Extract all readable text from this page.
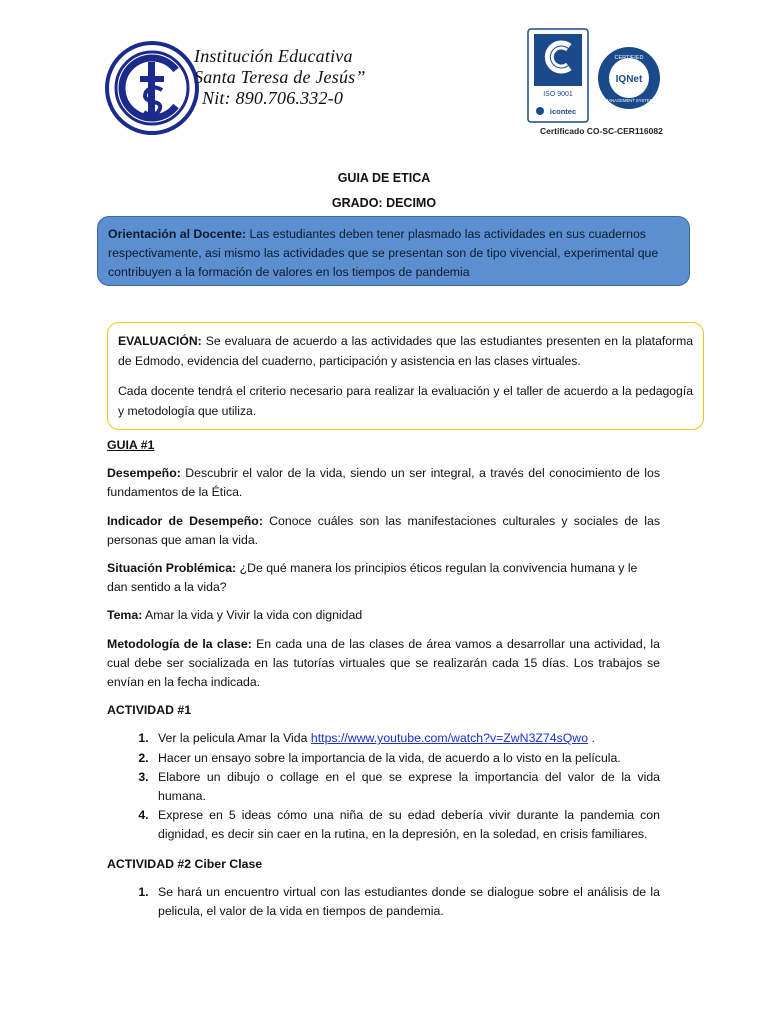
Institución Educativa
Santa Teresa de Jesús”
Nit: 890.706.332-0	ISO 9001
icontec
CERTIFIED
IQNet
MANAGEMENT SYSTEM
Certificado CO-SC-CER116082
GUIA DE ETICA
GRADO: DECIMO
Orientación al Docente: Las estudiantes deben tener plasmado las actividades en sus cuadernos respectivamente, asi mismo las actividades que se presentan son de tipo vivencial, experimental que contribuyen a la formación de valores en los tiempos de pandemia

EVALUACIÓN: Se evaluara de acuerdo a las actividades que las estudiantes presenten en la plataforma de Edmodo, evidencia del cuaderno, participación y asistencia en las clases virtuales.

Cada docente tendrá el criterio necesario para realizar la evaluación y el taller de acuerdo a la pedagogía y metodología que utiliza.

GUIA #1

Desempeño: Descubrir el valor de la vida, siendo un ser integral, a través del conocimiento de los fundamentos de la Ética.

Indicador de Desempeño: Conoce cuáles son las manifestaciones culturales y sociales de las personas que aman la vida.

Situación Problémica: ¿De qué manera los principios éticos regulan la convivencia humana y le dan sentido a la vida?

Tema: Amar la vida y Vivir la vida con dignidad

Metodología de la clase: En cada una de las clases de área vamos a desarrollar una actividad, la cual debe ser socializada en las tutorías virtuales que se realizarán cada 15 días. Los trabajos se envían en la fecha indicada.

ACTIVIDAD #1

1. Ver la pelicula Amar la Vida https://www.youtube.com/watch?v=ZwN3Z74sQwo .
2. Hacer un ensayo sobre la importancia de la vida, de acuerdo a lo visto en la película.
3. Elabore un dibujo o collage en el que se exprese la importancia del valor de la vida humana.
4. Exprese en 5 ideas cómo una niña de su edad debería vivir durante la pandemia con dignidad, es decir sin caer en la rutina, en la depresión, en la soledad, en crisis familiares.

ACTIVIDAD #2 Ciber Clase

1. Se hará un encuentro virtual con las estudiantes donde se dialogue sobre el análisis de la pelicula, el valor de la vida en tiempos de pandemia.
